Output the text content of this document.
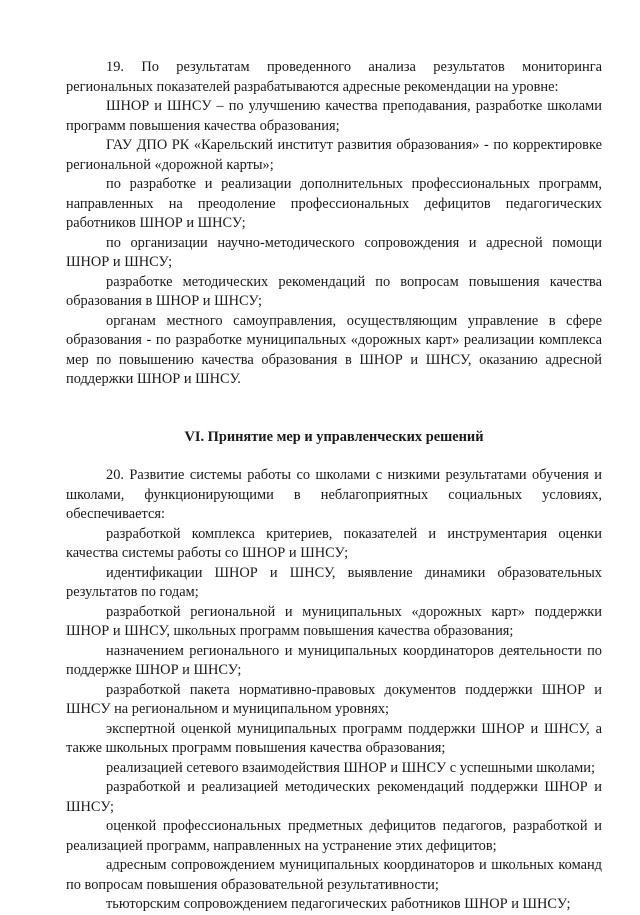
19. По результатам проведенного анализа результатов мониторинга региональных показателей разрабатываются адресные рекомендации на уровне:

ШНОР и ШНСУ – по улучшению качества преподавания, разработке школами программ повышения качества образования;

ГАУ ДПО РК «Карельский институт развития образования» - по корректировке региональной «дорожной карты»;

по разработке и реализации дополнительных профессиональных программ, направленных на преодоление профессиональных дефицитов педагогических работников ШНОР и ШНСУ;

по организации научно-методического сопровождения и адресной помощи ШНОР и ШНСУ;

разработке методических рекомендаций по вопросам повышения качества образования в ШНОР и ШНСУ;

органам местного самоуправления, осуществляющим управление в сфере образования - по разработке муниципальных «дорожных карт» реализации комплекса мер по повышению качества образования в ШНОР и ШНСУ, оказанию адресной поддержки ШНОР и ШНСУ.

VI. Принятие мер и управленческих решений

20. Развитие системы работы со школами с низкими результатами обучения и школами, функционирующими в неблагоприятных социальных условиях, обеспечивается:

разработкой комплекса критериев, показателей и инструментария оценки качества системы работы со ШНОР и ШНСУ;

идентификации ШНОР и ШНСУ, выявление динамики образовательных результатов по годам;

разработкой региональной и муниципальных «дорожных карт» поддержки ШНОР и ШНСУ, школьных программ повышения качества образования;

назначением регионального и муниципальных координаторов деятельности по поддержке ШНОР и ШНСУ;

разработкой пакета нормативно-правовых документов поддержки ШНОР и ШНСУ на региональном и муниципальном уровнях;

экспертной оценкой муниципальных программ поддержки ШНОР и ШНСУ, а также школьных программ повышения качества образования;

реализацией сетевого взаимодействия ШНОР и ШНСУ с успешными школами;

разработкой и реализацией методических рекомендаций поддержки ШНОР и ШНСУ;

оценкой профессиональных предметных дефицитов педагогов, разработкой и реализацией программ, направленных на устранение этих дефицитов;

адресным сопровождением муниципальных координаторов и школьных команд по вопросам повышения образовательной результативности;

тьюторским сопровождением педагогических работников ШНОР и ШНСУ;
